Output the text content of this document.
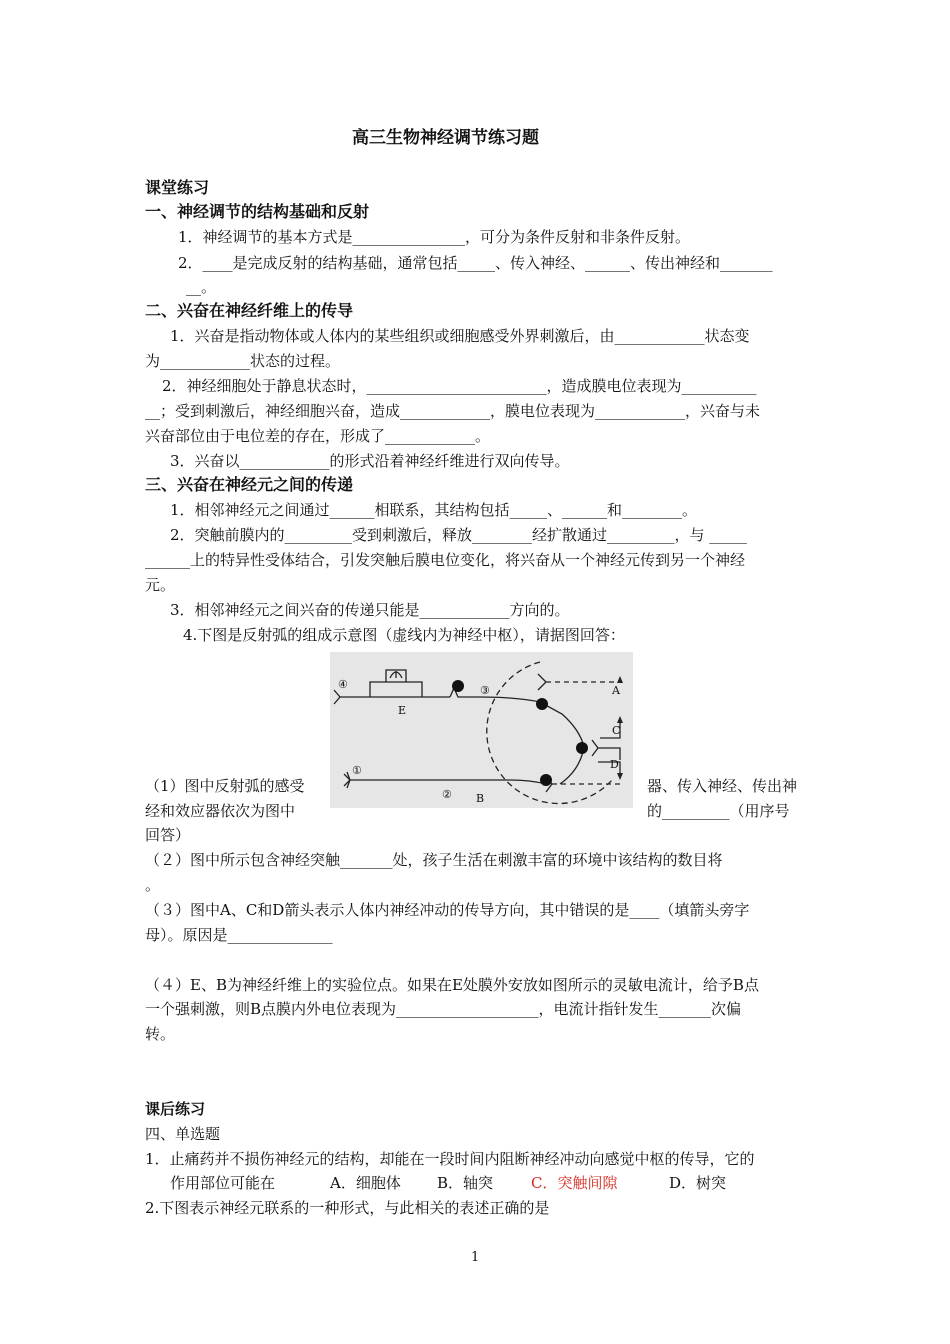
高三生物神经调节练习题
课堂练习
一、神经调节的结构基础和反射
1．神经调节的基本方式是_______________，可分为条件反射和非条件反射。
2．____是完成反射的结构基础，通常包括_____、传入神经、______、传出神经和_______
__。
二、兴奋在神经纤维上的传导
1．兴奋是指动物体或人体内的某些组织或细胞感受外界刺激后，由____________状态变
为____________状态的过程。
2．神经细胞处于静息状态时，________________________，造成膜电位表现为__________
__；受到刺激后，神经细胞兴奋，造成____________，膜电位表现为____________，兴奋与未
兴奋部位由于电位差的存在，形成了____________。
3．兴奋以____________的形式沿着神经纤维进行双向传导。
三、兴奋在神经元之间的传递
1．相邻神经元之间通过______相联系，其结构包括_____、______和________。
2．突触前膜内的_________受到刺激后，释放________经扩散通过_________，与 _____
______上的特异性受体结合，引发突触后膜电位变化，将兴奋从一个神经元传到另一个神经
元。
3．相邻神经元之间兴奋的传递只能是____________方向的。
4.下图是反射弧的组成示意图（虚线内为神经中枢），请据图回答：
④	③
①
②
E
B
A
C
D
（1）图中反射弧的感受	器、传入神经、传出神
经和效应器依次为图中	的_________（用序号
回答）
（２）图中所示包含神经突触_______处，孩子生活在刺激丰富的环境中该结构的数目将
。
（３）图中A、C和D箭头表示人体内神经冲动的传导方向，其中错误的是____（填箭头旁字
母）。原因是______________
（４）E、B为神经纤维上的实验位点。如果在E处膜外安放如图所示的灵敏电流计，给予B点
一个强刺激，则B点膜内外电位表现为___________________，电流计指针发生_______次偏
转。
课后练习
四、单选题
1．止痛药并不损伤神经元的结构，却能在一段时间内阻断神经冲动向感觉中枢的传导，它的
作用部位可能在	A．细胞体 B．轴突	C．突触间隙	D．树突
2.下图表示神经元联系的一种形式，与此相关的表述正确的是
1
